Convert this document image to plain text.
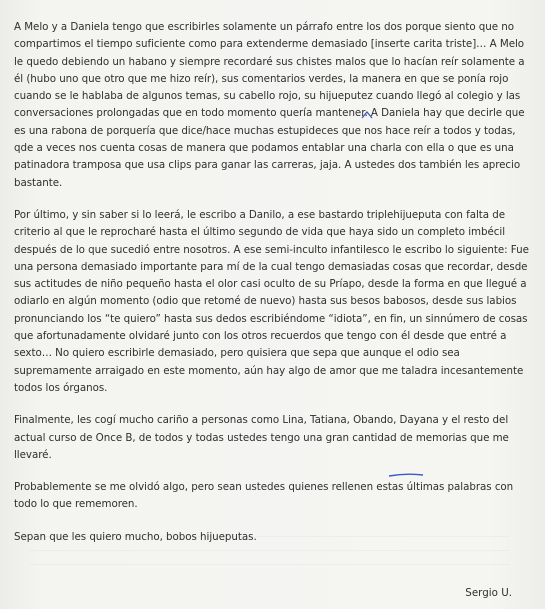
A Melo y a Daniela tengo que escribirles solamente un párrafo entre los dos porque siento que no compartimos el tiempo suficiente como para extenderme demasiado [inserte carita triste]… A Melo le quedo debiendo un habano y siempre recordaré sus chistes malos que lo hacían reír solamente a él (hubo uno que otro que me hizo reír), sus comentarios verdes, la manera en que se ponía rojo cuando se le hablaba de algunos temas, su cabello rojo, su hijueputez cuando llegó al colegio y las conversaciones prolongadas que en todo momento quería mantener. A Daniela hay que decirle que es una rabona de porquería que dice/hace muchas estupideces que nos hace reír a todos y todas, qde a veces nos cuenta cosas de manera que podamos entablar una charla con ella o que es una patinadora tramposa que usa clips para ganar las carreras, jaja. A ustedes dos también les aprecio bastante.

Por último, y sin saber si lo leerá, le escribo a Danilo, a ese bastardo triplehijueputa con falta de criterio al que le reprocharé hasta el último segundo de vida que haya sido un completo imbécil después de lo que sucedió entre nosotros. A ese semi-inculto infantilesco le escribo lo siguiente: Fue una persona demasiado importante para mí de la cual tengo demasiadas cosas que recordar, desde sus actitudes de niño pequeño hasta el olor casi oculto de su Príapo, desde la forma en que llegué a odiarlo en algún momento (odio que retomé de nuevo) hasta sus besos babosos, desde sus labios pronunciando los “te quiero” hasta sus dedos escribiéndome “idiota”, en fin, un sinnúmero de cosas que afortunadamente olvidaré junto con los otros recuerdos que tengo con él desde que entré a sexto… No quiero escribirle demasiado, pero quisiera que sepa que aunque el odio sea supremamente arraigado en este momento, aún hay algo de amor que me taladra incesantemente todos los órganos.

Finalmente, les cogí mucho cariño a personas como Lina, Tatiana, Obando, Dayana y el resto del actual curso de Once B, de todos y todas ustedes tengo una gran cantidad de memorias que me llevaré.

Probablemente se me olvidó algo, pero sean ustedes quienes rellenen estas últimas palabras con todo lo que rememoren.

Sepan que les quiero mucho, bobos hijueputas.

Sergio U.
